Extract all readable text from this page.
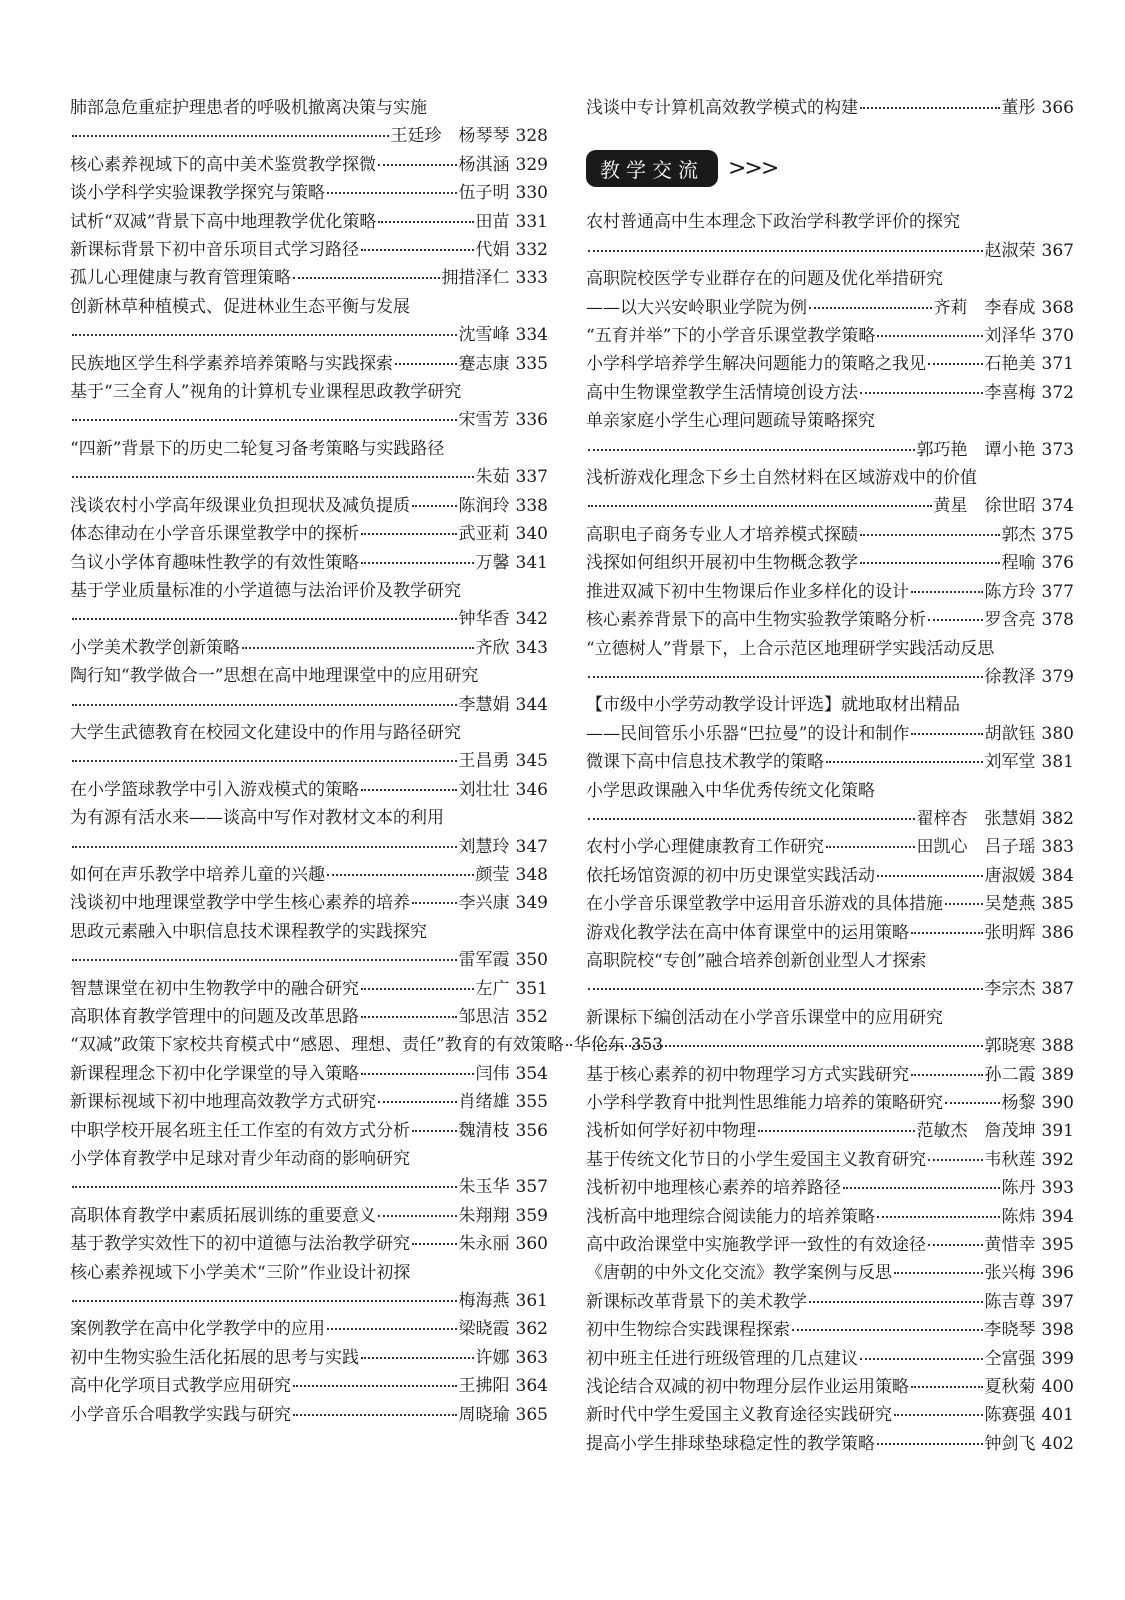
肺部急危重症护理患者的呼吸机撤离决策与实施
王廷珍　杨琴琴 328
核心素养视域下的高中美术鉴赏教学探微	杨淇涵 329
谈小学科学实验课教学探究与策略	伍子明 330
试析“双减”背景下高中地理教学优化策略	田苗 331
新课标背景下初中音乐项目式学习路径	代娟 332
孤儿心理健康与教育管理策略	拥措泽仁 333
创新林草种植模式、促进林业生态平衡与发展
沈雪峰 334
民族地区学生科学素养培养策略与实践探索	蹇志康 335
基于“三全育人”视角的计算机专业课程思政教学研究
宋雪芳 336
“四新”背景下的历史二轮复习备考策略与实践路径
朱茹 337
浅谈农村小学高年级课业负担现状及减负提质	陈润玲 338
体态律动在小学音乐课堂教学中的探析	武亚莉 340
刍议小学体育趣味性教学的有效性策略	万馨 341
基于学业质量标准的小学道德与法治评价及教学研究
钟华香 342
小学美术教学创新策略	齐欣 343
陶行知“教学做合一”思想在高中地理课堂中的应用研究
李慧娟 344
大学生武德教育在校园文化建设中的作用与路径研究
王昌勇 345
在小学篮球教学中引入游戏模式的策略	刘壮壮 346
为有源有活水来——谈高中写作对教材文本的利用
刘慧玲 347
如何在声乐教学中培养儿童的兴趣	颜莹 348
浅谈初中地理课堂教学中学生核心素养的培养	李兴康 349
思政元素融入中职信息技术课程教学的实践探究
雷军霞 350
智慧课堂在初中生物教学中的融合研究	左广 351
高职体育教学管理中的问题及改革思路	邹思洁 352
“双减”政策下家校共育模式中“感恩、理想、责任”教育的有效策略 华伦东 353
新课程理念下初中化学课堂的导入策略	闫伟 354
新课标视域下初中地理高效教学方式研究	肖绪雄 355
中职学校开展名班主任工作室的有效方式分析	魏清枝 356
小学体育教学中足球对青少年动商的影响研究
朱玉华 357
高职体育教学中素质拓展训练的重要意义	朱翔翔 359
基于教学实效性下的初中道德与法治教学研究	朱永丽 360
核心素养视域下小学美术“三阶”作业设计初探
梅海燕 361
案例教学在高中化学教学中的应用	梁晓霞 362
初中生物实验生活化拓展的思考与实践	许娜 363
高中化学项目式教学应用研究	王拂阳 364
小学音乐合唱教学实践与研究	周晓瑜 365
浅谈中专计算机高效教学模式的构建	董彤 366
教学交流	>>>
农村普通高中生本理念下政治学科教学评价的探究
赵淑荣 367
高职院校医学专业群存在的问题及优化举措研究
——以大兴安岭职业学院为例	齐莉　李春成 368
“五育并举”下的小学音乐课堂教学策略	刘泽华 370
小学科学培养学生解决问题能力的策略之我见	石艳美 371
高中生物课堂教学生活情境创设方法	李喜梅 372
单亲家庭小学生心理问题疏导策略探究
郭巧艳　谭小艳 373
浅析游戏化理念下乡土自然材料在区域游戏中的价值
黄星　徐世昭 374
高职电子商务专业人才培养模式探赜	郭杰 375
浅探如何组织开展初中生物概念教学	程喻 376
推进双减下初中生物课后作业多样化的设计	陈方玲 377
核心素养背景下的高中生物实验教学策略分析	罗含亮 378
“立德树人”背景下，上合示范区地理研学实践活动反思
徐教泽 379
【市级中小学劳动教学设计评选】就地取材出精品
——民间管乐小乐器“巴拉曼”的设计和制作	胡歆钰 380
微课下高中信息技术教学的策略	刘军堂 381
小学思政课融入中华优秀传统文化策略
翟梓杏　张慧娟 382
农村小学心理健康教育工作研究	田凯心　吕子瑶 383
依托场馆资源的初中历史课堂实践活动	唐淑媛 384
在小学音乐课堂教学中运用音乐游戏的具体措施 吴楚燕 385
游戏化教学法在高中体育课堂中的运用策略	张明辉 386
高职院校“专创”融合培养创新创业型人才探索
李宗杰 387
新课标下编创活动在小学音乐课堂中的应用研究
郭晓寒 388
基于核心素养的初中物理学习方式实践研究	孙二霞 389
小学科学教育中批判性思维能力培养的策略研究	杨黎 390
浅析如何学好初中物理	范敏杰　詹茂坤 391
基于传统文化节日的小学生爱国主义教育研究	韦秋莲 392
浅析初中地理核心素养的培养路径	陈丹 393
浅析高中地理综合阅读能力的培养策略	陈炜 394
高中政治课堂中实施教学评一致性的有效途径	黄惜幸 395
《唐朝的中外文化交流》教学案例与反思	张兴梅 396
新课标改革背景下的美术教学	陈吉尊 397
初中生物综合实践课程探索	李晓琴 398
初中班主任进行班级管理的几点建议	仝富强 399
浅论结合双减的初中物理分层作业运用策略	夏秋菊 400
新时代中学生爱国主义教育途径实践研究	陈赛强 401
提高小学生排球垫球稳定性的教学策略	钟剑飞 402
